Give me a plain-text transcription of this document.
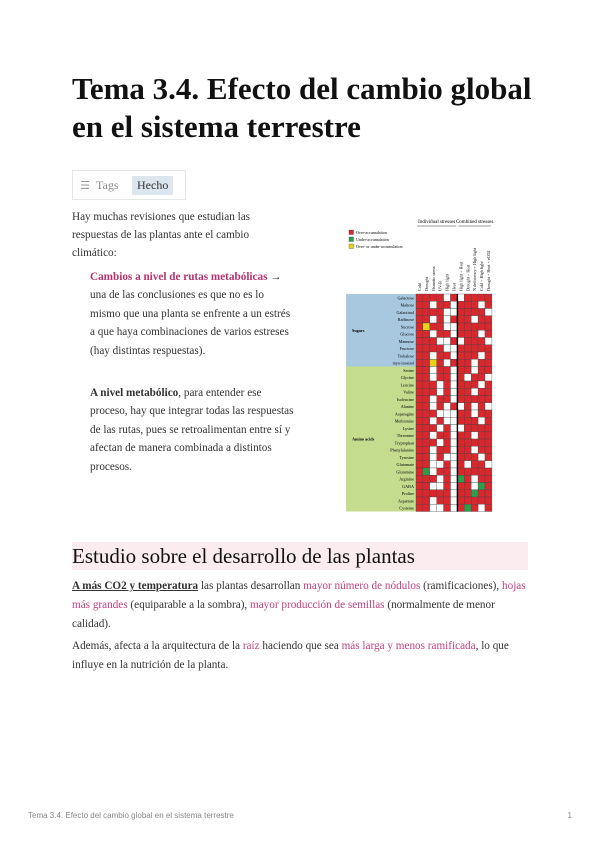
Tema 3.4. Efecto del cambio global en el sistema terrestre
☰ Tags	Hecho

Hay muchas revisiones que estudian las respuestas de las plantas ante el cambio climático:

Cambios a nivel de rutas metabólicas → una de las conclusiones es que no es lo mismo que una planta se enfrente a un estrés a que haya combinaciones de varios estreses (hay distintas respuestas).

A nivel metabólico, para entender ese proceso, hay que integrar todas las respuestas de las rutas, pues se retroalimentan entre sí y afectan de manera combinada a distintos procesos.

Over-accumulation
Under-accumulation
Over- or under-accumulation
Individual stresses Combined stresses
Cold Drought Osmotic stress UV-B High light Heat High light + Heat Drought + Heat N deficiency + High light Cold + High light Drought + Heat + eCO2
Sugars
Amino acids
Galactose
Maltose
Galactinol
Raffinose
Sucrose
Glucose
Mannose
Fructose
Trehalose
myo-inositol
Serine
Glycine
Leucine
Valine
Isoleucine
Alanine
Asparagine
Methionine
Lysine
Threonine
Tryptophan
Phenylalanine
Tyrosine
Glutamate
Glutamine
Arginine
GABA
Proline
Aspartate
Cysteine
Estudio sobre el desarrollo de las plantas

A más CO2 y temperatura las plantas desarrollan mayor número de nódulos (ramificaciones), hojas más grandes (equiparable a la sombra), mayor producción de semillas (normalmente de menor calidad).

Además, afecta a la arquitectura de la raíz haciendo que sea más larga y menos ramificada, lo que influye en la nutrición de la planta.

Tema 3.4. Efecto del cambio global en el sistema terrestre	1
